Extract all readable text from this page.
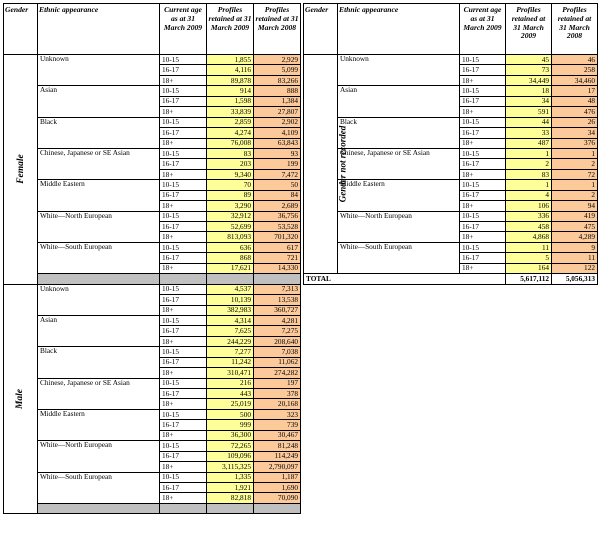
Gender	Ethnic appearance	Current age as at 31 March 2009	Profiles retained at 31 March 2009	Profiles retained at 31 March 2008
Female	Unknown	10-15	1,855	2,929
		16-17	4,116	5,099
		18+	89,878	83,266
	Asian	10-15	914	888
		16-17	1,598	1,384
		18+	33,839	27,807
	Black	10-15	2,859	2,902
		16-17	4,274	4,109
		18+	76,008	63,843
	Chinese, Japanese or SE Asian	10-15	83	93
		16-17	203	199
		18+	9,340	7,472
	Middle Eastern	10-15	70	50
		16-17	89	84
		18+	3,290	2,689
	White—North European	10-15	32,912	36,756
		16-17	52,699	53,528
		18+	813,093	701,320
	White—South European	10-15	636	617
		16-17	868	721
		18+	17,621	14,330

Male	Unknown	10-15	4,537	7,313
		16-17	10,139	13,538
		18+	382,983	360,727
	Asian	10-15	4,314	4,281
		16-17	7,625	7,275
		18+	244,229	208,640
	Black	10-15	7,277	7,038
		16-17	11,242	11,062
		18+	310,471	274,282
	Chinese, Japanese or SE Asian	10-15	216	197
		16-17	443	378
		18+	25,019	20,168
	Middle Eastern	10-15	500	323
		16-17	999	739
		18+	36,300	30,467
	White—North European	10-15	72,265	81,248
		16-17	109,096	114,249
		18+	3,115,325	2,790,097
	White—South European	10-15	1,335	1,187
		16-17	1,921	1,690
		18+	82,818	70,090

Gender	Ethnic appearance	Current age as at 31 March 2009	Profiles retained at 31 March 2009	Profiles retained at 31 March 2008
Gender not recorded	Unknown	10-15	45	46
		16-17	73	258
		18+	34,449	34,460
	Asian	10-15	18	17
		16-17	34	48
		18+	591	476
	Black	10-15	44	26
		16-17	33	34
		18+	487	376
	Chinese, Japanese or SE Asian	10-15	1	1
		16-17	2	2
		18+	83	72
	Middle Eastern	10-15	1	1
		16-17	4	2
		18+	106	94
	White—North European	10-15	336	419
		16-17	458	475
		18+	4,868	4,289
	White—South European	10-15	11	9
		16-17	5	11
		18+	164	122
TOTAL			5,617,112	5,056,313
